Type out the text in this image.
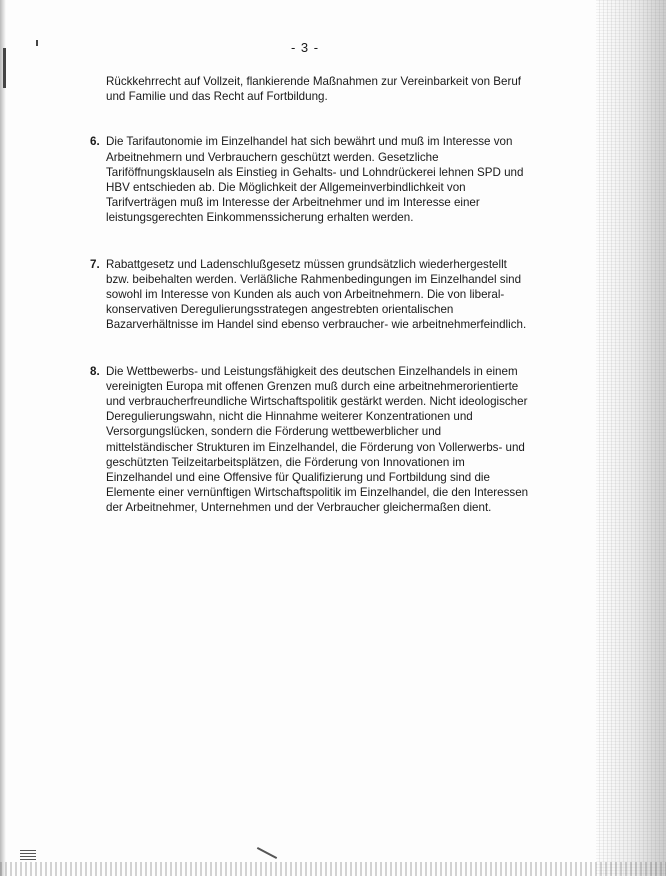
- 3 -

Rückkehrrecht auf Vollzeit, flankierende Maßnahmen zur Vereinbarkeit von Beruf und Familie und das Recht auf Fortbildung.

6. Die Tarifautonomie im Einzelhandel hat sich bewährt und muß im Interesse von Arbeitnehmern und Verbrauchern geschützt werden. Gesetzliche Tariföffnungsklauseln als Einstieg in Gehalts- und Lohndrückerei lehnen SPD und HBV entschieden ab. Die Möglichkeit der Allgemeinverbindlichkeit von Tarifverträgen muß im Interesse der Arbeitnehmer und im Interesse einer leistungsgerechten Einkommenssicherung erhalten werden.
7. Rabattgesetz und Ladenschlußgesetz müssen grundsätzlich wiederhergestellt bzw. beibehalten werden. Verläßliche Rahmenbedingungen im Einzelhandel sind sowohl im Interesse von Kunden als auch von Arbeitnehmern. Die von liberal-konservativen Deregulierungsstrategen angestrebten orientalischen Bazarverhältnisse im Handel sind ebenso verbraucher- wie arbeitnehmerfeindlich.
8. Die Wettbewerbs- und Leistungsfähigkeit des deutschen Einzelhandels in einem vereinigten Europa mit offenen Grenzen muß durch eine arbeitnehmerorientierte und verbraucherfreundliche Wirtschaftspolitik gestärkt werden. Nicht ideologischer Deregulierungswahn, nicht die Hinnahme weiterer Konzentrationen und Versorgungslücken, sondern die Förderung wettbewerblicher und mittelständischer Strukturen im Einzelhandel, die Förderung von Vollerwerbs- und geschützten Teilzeitarbeitsplätzen, die Förderung von Innovationen im Einzelhandel und eine Offensive für Qualifizierung und Fortbildung sind die Elemente einer vernünftigen Wirtschaftspolitik im Einzelhandel, die den Interessen der Arbeitnehmer, Unternehmen und der Verbraucher gleichermaßen dient.
